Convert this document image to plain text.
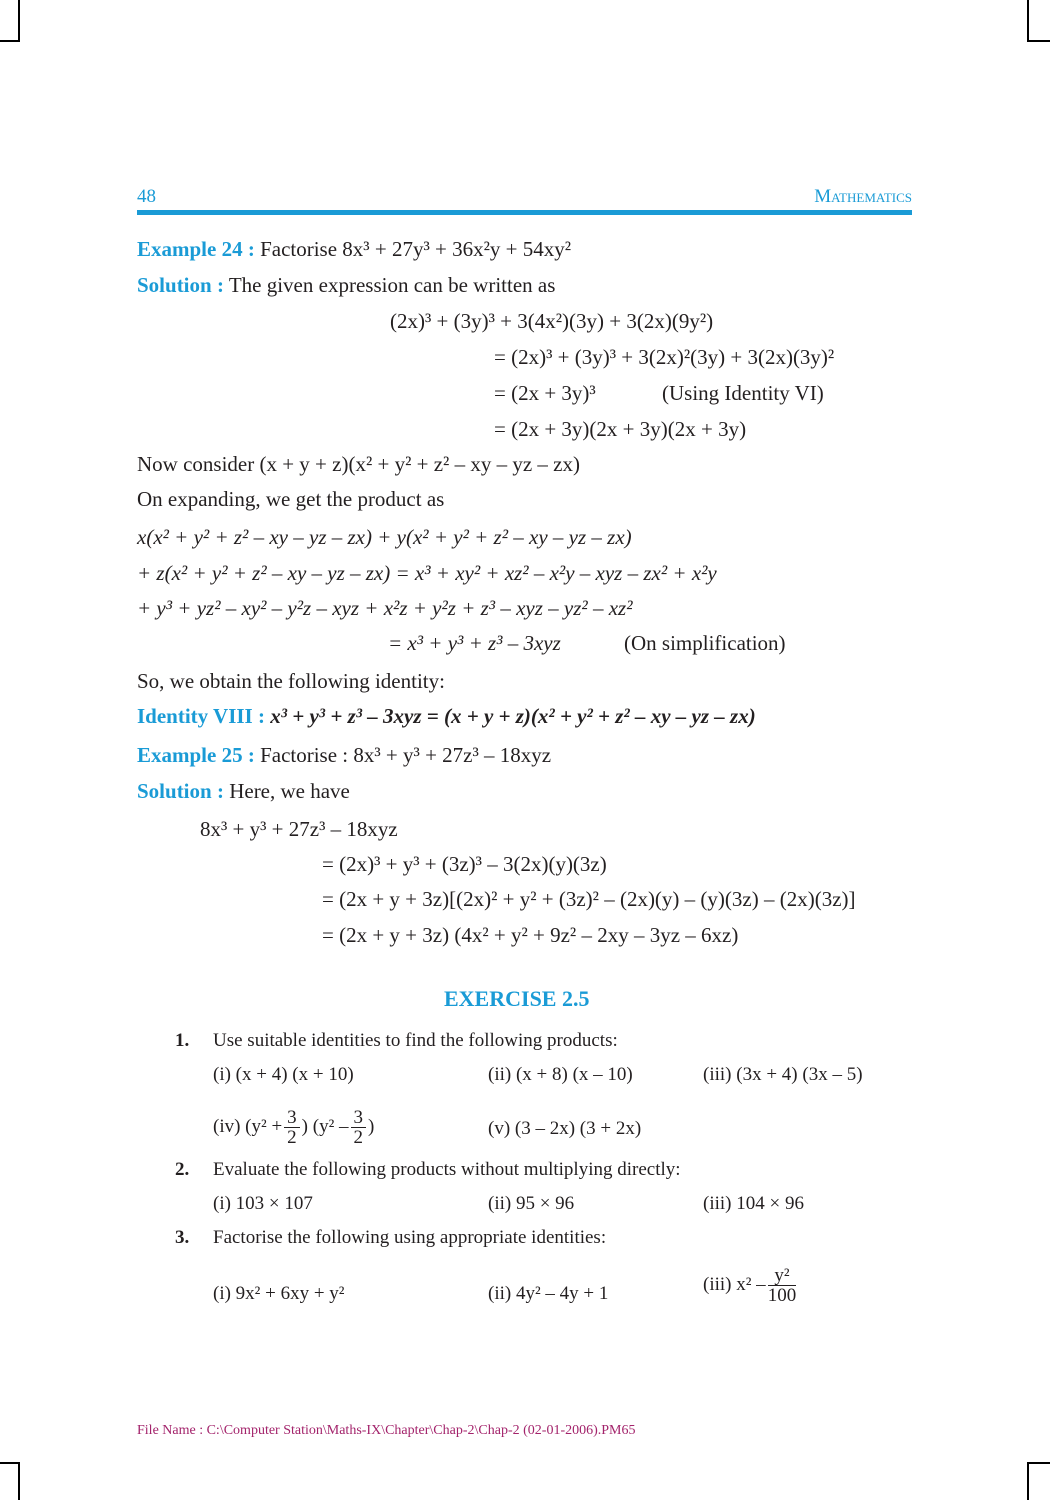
48	Mathematics
Example 24 : Factorise 8x³ + 27y³ + 36x²y + 54xy²
Solution : The given expression can be written as
(2x)³ + (3y)³ + 3(4x²)(3y) + 3(2x)(9y²)
= (2x)³ + (3y)³ + 3(2x)²(3y) + 3(2x)(3y)²
= (2x + 3y)³	(Using Identity VI)
= (2x + 3y)(2x + 3y)(2x + 3y)
Now consider (x + y + z)(x² + y² + z² – xy – yz – zx)
On expanding, we get the product as
x(x² + y² + z² – xy – yz – zx) + y(x² + y² + z² – xy – yz – zx)
+ z(x² + y² + z² – xy – yz – zx) = x³ + xy² + xz² – x²y – xyz – zx² + x²y
+ y³ + yz² – xy² – y²z – xyz + x²z + y²z + z³ – xyz – yz² – xz²
= x³ + y³ + z³ – 3xyz	(On simplification)
So, we obtain the following identity:
Identity VIII : x³ + y³ + z³ – 3xyz = (x + y + z)(x² + y² + z² – xy – yz – zx)
Example 25 : Factorise : 8x³ + y³ + 27z³ – 18xyz
Solution : Here, we have
8x³ + y³ + 27z³ – 18xyz
= (2x)³ + y³ + (3z)³ – 3(2x)(y)(3z)
= (2x + y + 3z)[(2x)² + y² + (3z)² – (2x)(y) – (y)(3z) – (2x)(3z)]
= (2x + y + 3z) (4x² + y² + 9z² – 2xy – 3yz – 6xz)
EXERCISE 2.5
1. Use suitable identities to find the following products:
(i) (x + 4) (x + 10)	(ii) (x + 8) (x – 10)	(iii) (3x + 4) (3x – 5)
(iv) ($y^2 + \frac{3}{2}$ ) ($y^2 - \frac{3}{2}$ )	(v) (3 – 2x) (3 + 2x)
2. Evaluate the following products without multiplying directly:
(i) 103 × 107	(ii) 95 × 96	(iii) 104 × 96
3. Factorise the following using appropriate identities:
(i) 9x² + 6xy + y²	(ii) 4y² – 4y + 1	(iii) $x^2 - \frac{\text{y²}}{100}$
File Name : C:\Computer Station\Maths-IX\Chapter\Chap-2\Chap-2 (02-01-2006).PM65
